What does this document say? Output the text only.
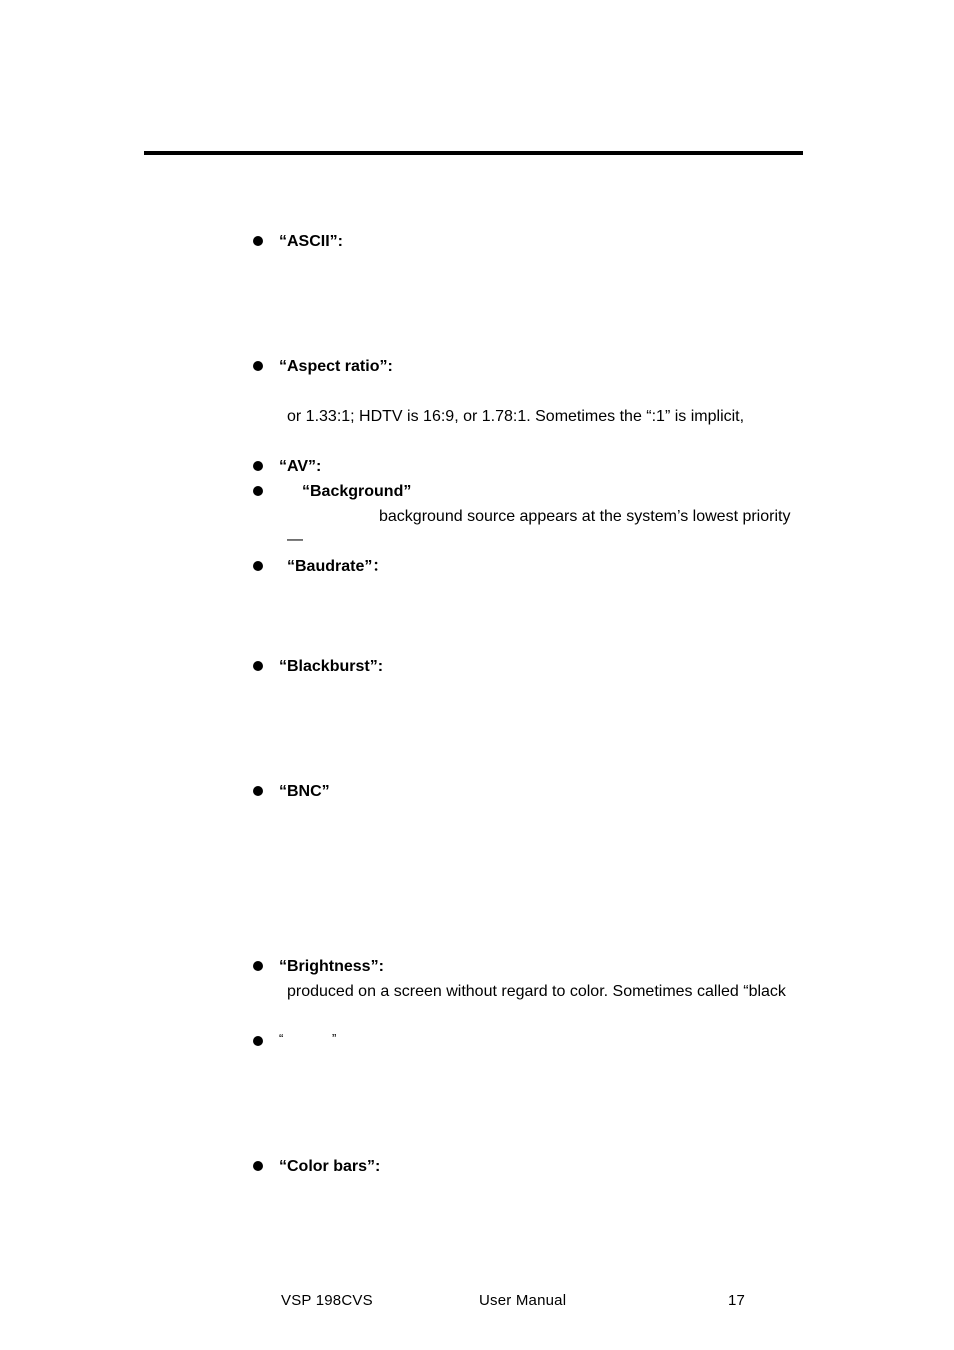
“ASCII”:
“Aspect ratio”:
or 1.33:1; HDTV is 16:9, or 1.78:1. Sometimes the “:1” is implicit,
“AV”:
“Background”
background source appears at the system’s lowest priority
—
“Baudrate”：
“Blackburst”:
“BNC”
“Brightness”:
produced on a screen without regard to color. Sometimes called “black
“	”
“Color bars”:
VSP 198CVS	User Manual	17
